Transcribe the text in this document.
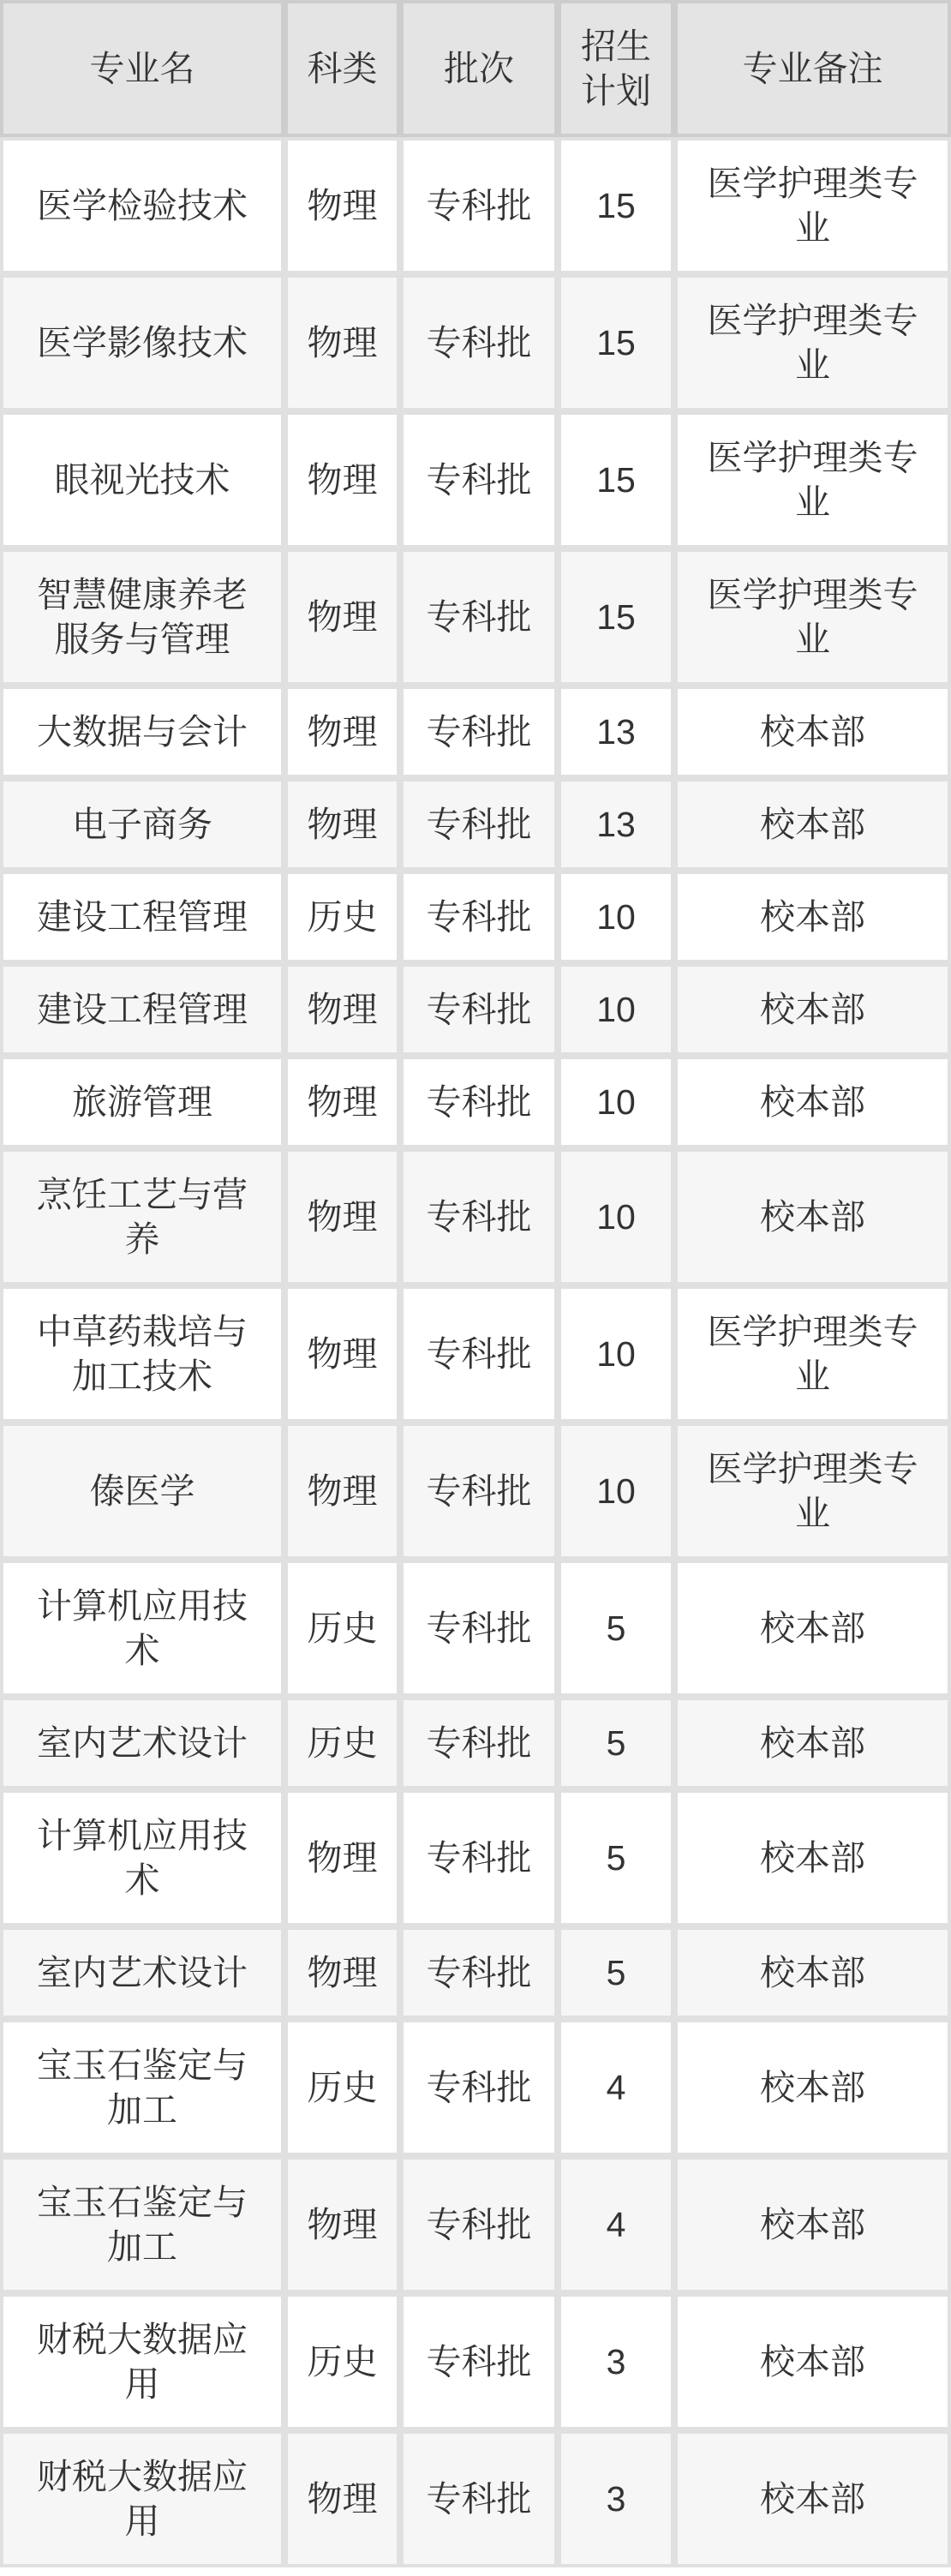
专业名	科类	批次	招生计划	专业备注
医学检验技术	物理	专科批	15	医学护理类专业
医学影像技术	物理	专科批	15	医学护理类专业
眼视光技术	物理	专科批	15	医学护理类专业
智慧健康养老服务与管理	物理	专科批	15	医学护理类专业
大数据与会计	物理	专科批	13	校本部
电子商务	物理	专科批	13	校本部
建设工程管理	历史	专科批	10	校本部
建设工程管理	物理	专科批	10	校本部
旅游管理	物理	专科批	10	校本部
烹饪工艺与营养	物理	专科批	10	校本部
中草药栽培与加工技术	物理	专科批	10	医学护理类专业
傣医学	物理	专科批	10	医学护理类专业
计算机应用技术	历史	专科批	5	校本部
室内艺术设计	历史	专科批	5	校本部
计算机应用技术	物理	专科批	5	校本部
室内艺术设计	物理	专科批	5	校本部
宝玉石鉴定与加工	历史	专科批	4	校本部
宝玉石鉴定与加工	物理	专科批	4	校本部
财税大数据应用	历史	专科批	3	校本部
财税大数据应用	物理	专科批	3	校本部
